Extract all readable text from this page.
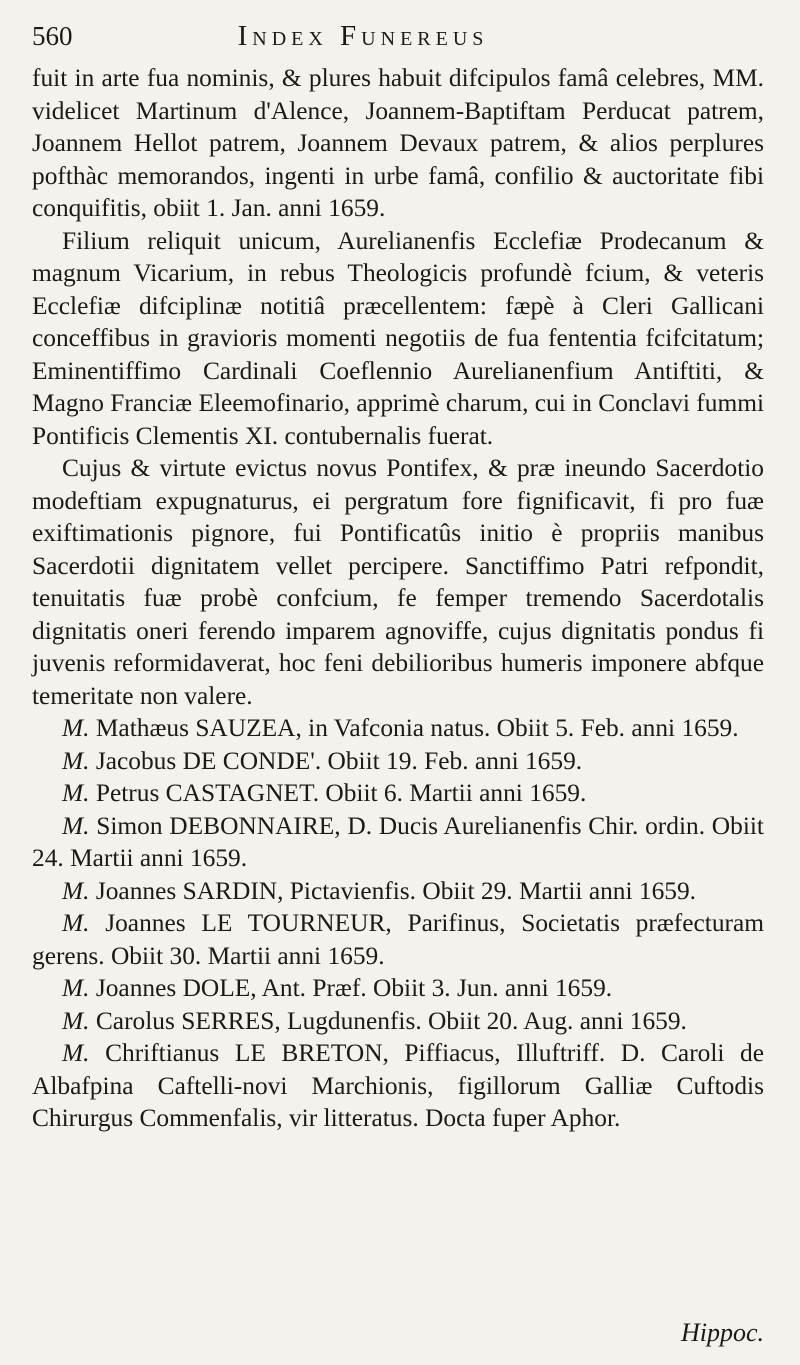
560	Index Funereus

fuit in arte fua nominis, & plures habuit difcipulos famâ celebres, MM. videlicet Martinum d'Alence, Joannem-Baptiftam Perducat patrem, Joannem Hellot patrem, Joannem Devaux patrem, & alios perplures pofthàc memorandos, ingenti in urbe famâ, confilio & auctoritate fibi conquifitis, obiit 1. Jan. anni 1659.

Filium reliquit unicum, Aurelianenfis Ecclefiæ Prodecanum & magnum Vicarium, in rebus Theologicis profundè fcium, & veteris Ecclefiæ difciplinæ notitiâ præcellentem: fæpè à Cleri Gallicani conceffibus in gravioris momenti negotiis de fua fententia fcifcitatum; Eminentiffimo Cardinali Coeflennio Aurelianenfium Antiftiti, & Magno Franciæ Eleemofinario, apprimè charum, cui in Conclavi fummi Pontificis Clementis XI. contubernalis fuerat.

Cujus & virtute evictus novus Pontifex, & præ ineundo Sacerdotio modeftiam expugnaturus, ei pergratum fore fignificavit, fi pro fuæ exiftimationis pignore, fui Pontificatûs initio è propriis manibus Sacerdotii dignitatem vellet percipere. Sanctiffimo Patri refpondit, tenuitatis fuæ probè confcium, fe femper tremendo Sacerdotalis dignitatis oneri ferendo imparem agnoviffe, cujus dignitatis pondus fi juvenis reformidaverat, hoc feni debilioribus humeris imponere abfque temeritate non valere.

M. Mathæus SAUZEA, in Vafconia natus. Obiit 5. Feb. anni 1659.

M. Jacobus DE CONDE'. Obiit 19. Feb. anni 1659.

M. Petrus CASTAGNET. Obiit 6. Martii anni 1659.

M. Simon DEBONNAIRE, D. Ducis Aurelianenfis Chir. ordin. Obiit 24. Martii anni 1659.

M. Joannes SARDIN, Pictavienfis. Obiit 29. Martii anni 1659.

M. Joannes LE TOURNEUR, Parifinus, Societatis præfecturam gerens. Obiit 30. Martii anni 1659.

M. Joannes DOLE, Ant. Præf. Obiit 3. Jun. anni 1659.

M. Carolus SERRES, Lugdunenfis. Obiit 20. Aug. anni 1659.

M. Chriftianus LE BRETON, Piffiacus, Illuftriff. D. Caroli de Albafpina Caftelli-novi Marchionis, figillorum Galliæ Cuftodis Chirurgus Commenfalis, vir litteratus. Docta fuper Aphor.

Hippoc.
